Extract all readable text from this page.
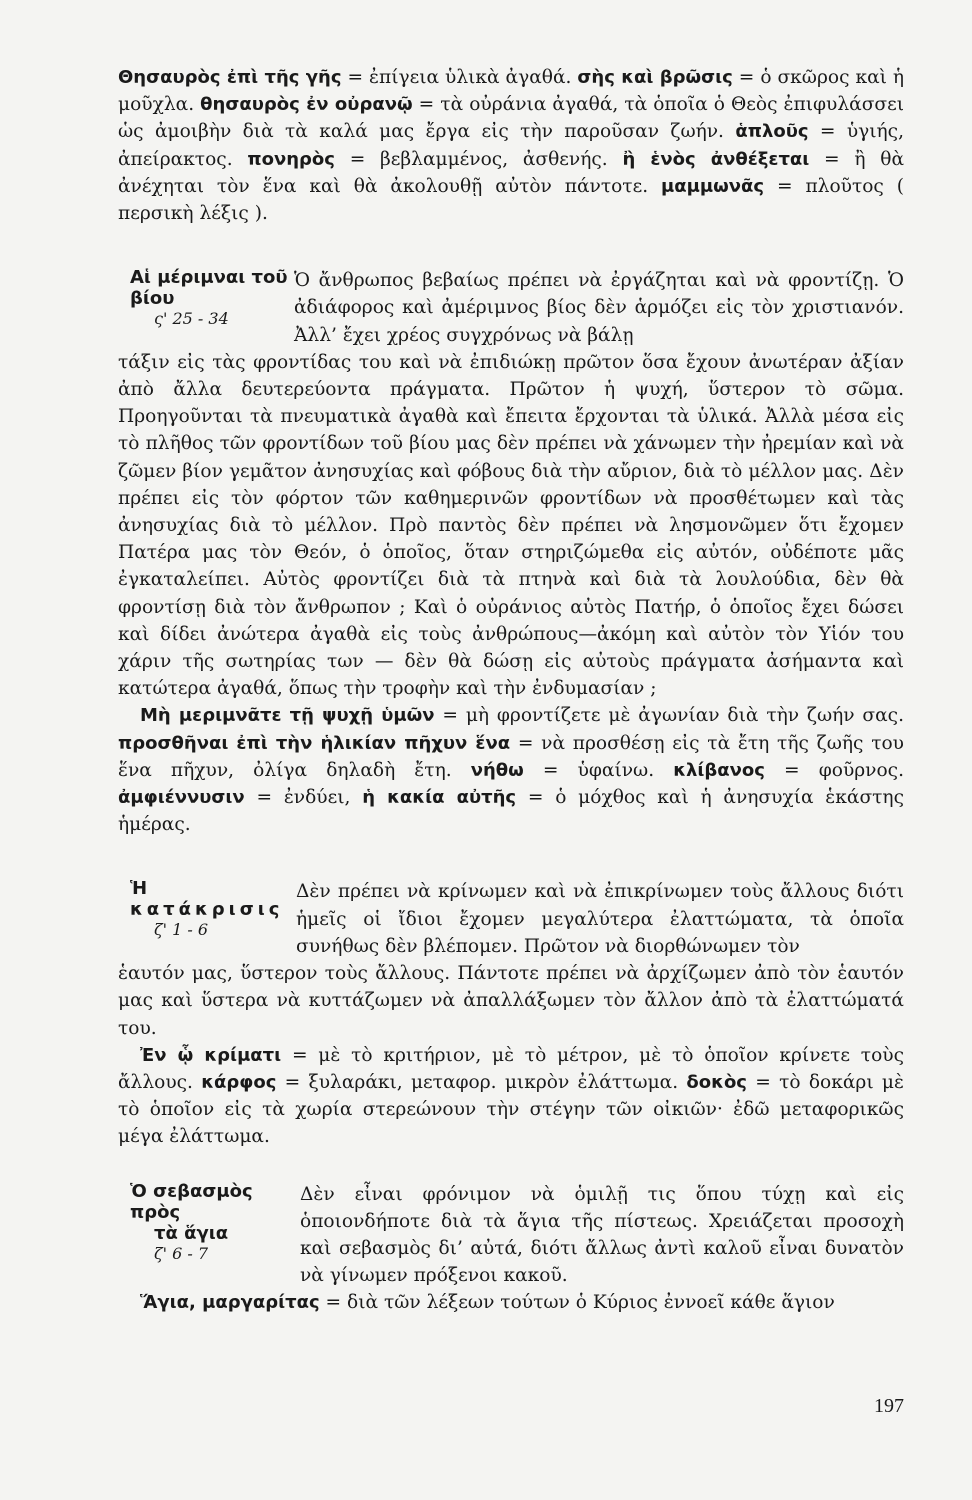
Θησαυρὸς ἐπὶ τῆς γῆς = ἐπίγεια ὑλικὰ ἀγαθά. σὴς καὶ βρῶσις = ὁ σκῶρος καὶ ἡ μοῦχλα. θησαυρὸς ἐν οὐρανῷ = τὰ οὐράνια ἀγαθά, τὰ ὁποῖα ὁ Θεὸς ἐπιφυλάσσει ὡς ἀμοιβὴν διὰ τὰ καλά μας ἔργα εἰς τὴν παροῦσαν ζωήν. ἁπλοῦς = ὑγιής, ἀπείρακτος. πονηρὸς = βεβλαμμένος, ἀσθενής. ἢ ἑνὸς ἀνθέξεται = ἢ θὰ ἀνέχηται τὸν ἕνα καὶ θὰ ἀκολουθῇ αὐτὸν πάντοτε. μαμμωνᾶς = πλοῦτος ( περσικὴ λέξις ).

Αἱ μέριμναι τοῦ βίου
ς' 25 - 34
Ὁ ἄνθρωπος βεβαίως πρέπει νὰ ἐργάζηται καὶ νὰ φροντίζῃ. Ὁ ἀδιάφορος καὶ ἀμέριμνος βίος δὲν ἁρμόζει εἰς τὸν χριστιανόν. Ἀλλ’ ἔχει χρέος συγχρόνως νὰ βάλῃ

τάξιν εἰς τὰς φροντίδας του καὶ νὰ ἐπιδιώκῃ πρῶτον ὅσα ἔχουν ἀνωτέραν ἀξίαν ἀπὸ ἄλλα δευτερεύοντα πράγματα. Πρῶτον ἡ ψυχή, ὕστερον τὸ σῶμα. Προηγοῦνται τὰ πνευματικὰ ἀγαθὰ καὶ ἔπειτα ἔρχονται τὰ ὑλικά. Ἀλλὰ μέσα εἰς τὸ πλῆθος τῶν φροντίδων τοῦ βίου μας δὲν πρέπει νὰ χάνωμεν τὴν ἠρεμίαν καὶ νὰ ζῶμεν βίον γεμᾶτον ἀνησυχίας καὶ φόβους διὰ τὴν αὔριον, διὰ τὸ μέλλον μας. Δὲν πρέπει εἰς τὸν φόρτον τῶν καθημερινῶν φροντίδων νὰ προσθέτωμεν καὶ τὰς ἀνησυχίας διὰ τὸ μέλλον. Πρὸ παντὸς δὲν πρέπει νὰ λησμονῶμεν ὅτι ἔχομεν Πατέρα μας τὸν Θεόν, ὁ ὁποῖος, ὅταν στηριζώμεθα εἰς αὐτόν, οὐδέποτε μᾶς ἐγκαταλείπει. Αὐτὸς φροντίζει διὰ τὰ πτηνὰ καὶ διὰ τὰ λουλούδια, δὲν θὰ φροντίσῃ διὰ τὸν ἄνθρωπον ; Καὶ ὁ οὐράνιος αὐτὸς Πατήρ, ὁ ὁποῖος ἔχει δώσει καὶ δίδει ἀνώτερα ἀγαθὰ εἰς τοὺς ἀνθρώπους—ἀκόμη καὶ αὐτὸν τὸν Υἱόν του χάριν τῆς σωτηρίας των — δὲν θὰ δώσῃ εἰς αὐτοὺς πράγματα ἀσήμαντα καὶ κατώτερα ἀγαθά, ὅπως τὴν τροφὴν καὶ τὴν ἐνδυμασίαν ;

Μὴ μεριμνᾶτε τῇ ψυχῇ ὑμῶν = μὴ φροντίζετε μὲ ἀγωνίαν διὰ τὴν ζωήν σας. προσθῆναι ἐπὶ τὴν ἡλικίαν πῆχυν ἕνα = νὰ προσθέσῃ εἰς τὰ ἔτη τῆς ζωῆς του ἕνα πῆχυν, ὀλίγα δηλαδὴ ἔτη. νήθω = ὑφαίνω. κλίβανος = φοῦρνος. ἀμφιέννυσιν = ἐνδύει, ἡ κακία αὐτῆς = ὁ μόχθος καὶ ἡ ἀνησυχία ἑκάστης ἡμέρας.

Ἡ κατάκρισις
ζ' 1 - 6
Δὲν πρέπει νὰ κρίνωμεν καὶ νὰ ἐπικρίνωμεν τοὺς ἄλλους διότι ἡμεῖς οἱ ἴδιοι ἔχομεν μεγαλύτερα ἐλαττώματα, τὰ ὁποῖα συνήθως δὲν βλέπομεν. Πρῶτον νὰ διορθώνωμεν τὸν

ἑαυτόν μας, ὕστερον τοὺς ἄλλους. Πάντοτε πρέπει νὰ ἀρχίζωμεν ἀπὸ τὸν ἑαυτόν μας καὶ ὕστερα νὰ κυττάζωμεν νὰ ἀπαλλάξωμεν τὸν ἄλλον ἀπὸ τὰ ἐλαττώματά του.

Ἐν ᾧ κρίματι = μὲ τὸ κριτήριον, μὲ τὸ μέτρον, μὲ τὸ ὁποῖον κρίνετε τοὺς ἄλλους. κάρφος = ξυλαράκι, μεταφορ. μικρὸν ἐλάττωμα. δοκὸς = τὸ δοκάρι μὲ τὸ ὁποῖον εἰς τὰ χωρία στερεώνουν τὴν στέγην τῶν οἰκιῶν· ἐδῶ μεταφορικῶς μέγα ἐλάττωμα.

Ὁ σεβασμὸς πρὸς
τὰ ἅγια
ζ' 6 - 7
Δὲν εἶναι φρόνιμον νὰ ὁμιλῇ τις ὅπου τύχῃ καὶ εἰς ὁποιονδήποτε διὰ τὰ ἅγια τῆς πίστεως. Χρειάζεται προσοχὴ καὶ σεβασμὸς δι’ αὐτά, διότι ἄλλως ἀντὶ καλοῦ εἶναι δυνατὸν νὰ γίνωμεν πρόξενοι κακοῦ.

Ἅγια, μαργαρίτας = διὰ τῶν λέξεων τούτων ὁ Κύριος ἐννοεῖ κάθε ἅγιον

197
